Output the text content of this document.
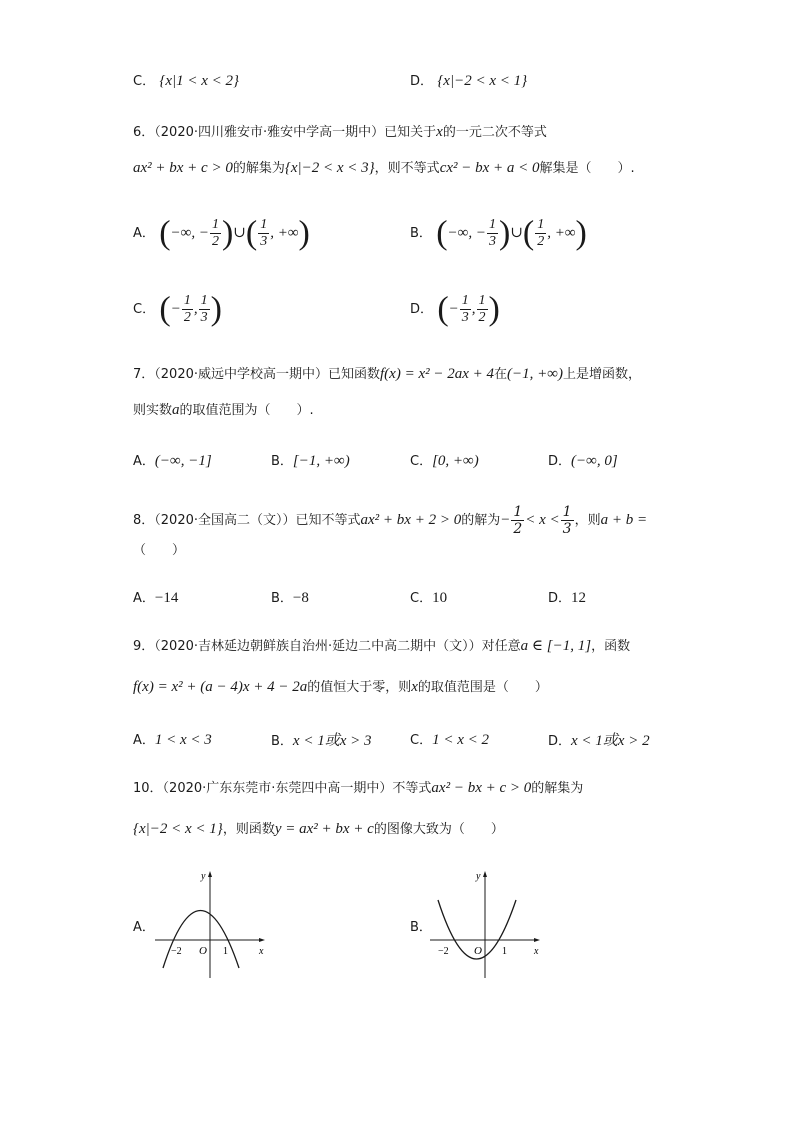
C． {x|1 < x < 2}	D． {x|−2 < x < 1}
6．（2020·四川雅安市·雅安中学高一期中）已知关于x的一元二次不等式
ax² + bx + c > 0的解集为{x|−2 < x < 3}，则不等式cx² − bx + a < 0解集是（　　）.
A． (−∞, − $\frac{1}{2}$ )∪( $\frac{1}{3}$ , +∞)	B． (−∞, − $\frac{1}{3}$ )∪( $\frac{1}{2}$ , +∞)
C． (− $\frac{1}{2}$ , $\frac{1}{3}$ )	D． (− $\frac{1}{3}$ , $\frac{1}{2}$ )
7．（2020·威远中学校高一期中）已知函数f(x) = x² − 2ax + 4在(−1, +∞)上是增函数，
则实数a的取值范围为（　　）.
A．(−∞, −1]	B．[−1, +∞)	C．[0, +∞)	D．(−∞, 0]
8．（2020·全国高二（文））已知不等式ax² + bx + 2 > 0的解为− $\frac{1}{2} < x < \frac{1}{3}$ ，则a + b =
（　　）
A．−14	B．−8	C．10	D．12
9．（2020·吉林延边朝鲜族自治州·延边二中高二期中（文））对任意a ∈ [−1, 1]，函数
f(x) = x² + (a − 4)x + 4 − 2a的值恒大于零，则x的取值范围是（　　）
A．1 < x < 3	B．x < 1或x > 3	C．1 < x < 2	D．x < 1或x > 2
10．（2020·广东东莞市·东莞四中高一期中）不等式ax² − bx + c > 0的解集为
{x|−2 < x < 1}，则函数y = ax² + bx + c的图像大致为（　　）
A．
y
x
O
−2	1
B．
y
x
O
−2	1
